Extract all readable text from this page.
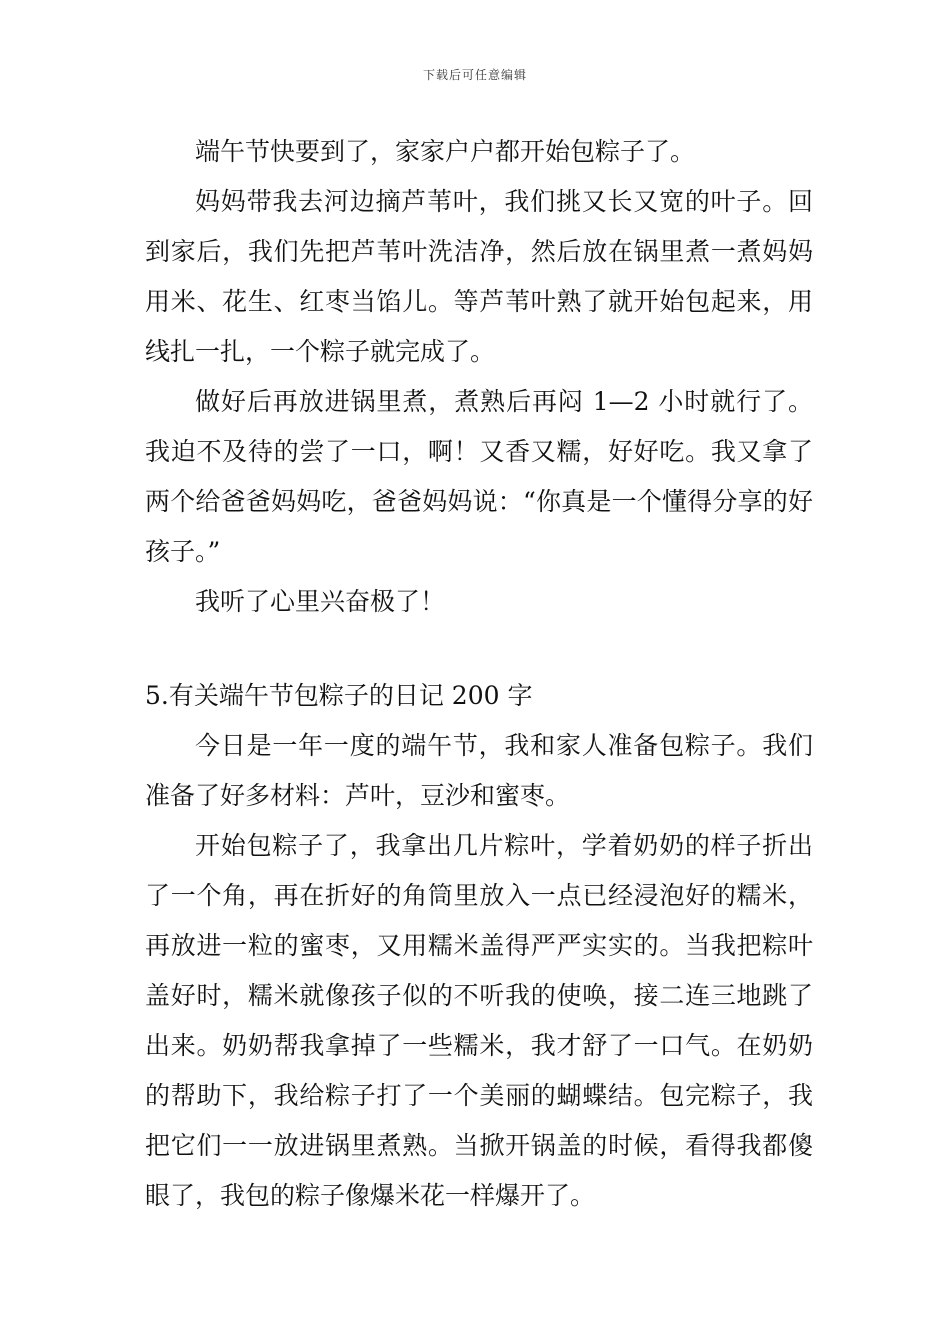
下载后可任意编辑

端午节快要到了，家家户户都开始包粽子了。

妈妈带我去河边摘芦苇叶，我们挑又长又宽的叶子。回到家后，我们先把芦苇叶洗洁净，然后放在锅里煮一煮妈妈用米、花生、红枣当馅儿。等芦苇叶熟了就开始包起来，用线扎一扎，一个粽子就完成了。

做好后再放进锅里煮，煮熟后再闷 1—2 小时就行了。我迫不及待的尝了一口，啊！又香又糯，好好吃。我又拿了两个给爸爸妈妈吃，爸爸妈妈说：“你真是一个懂得分享的好孩子。”

我听了心里兴奋极了！

5.有关端午节包粽子的日记 200 字

今日是一年一度的端午节，我和家人准备包粽子。我们准备了好多材料：芦叶，豆沙和蜜枣。

开始包粽子了，我拿出几片粽叶，学着奶奶的样子折出了一个角，再在折好的角筒里放入一点已经浸泡好的糯米，再放进一粒的蜜枣，又用糯米盖得严严实实的。当我把粽叶盖好时，糯米就像孩子似的不听我的使唤，接二连三地跳了出来。奶奶帮我拿掉了一些糯米，我才舒了一口气。在奶奶的帮助下，我给粽子打了一个美丽的蝴蝶结。包完粽子，我把它们一一放进锅里煮熟。当掀开锅盖的时候，看得我都傻眼了，我包的粽子像爆米花一样爆开了。
